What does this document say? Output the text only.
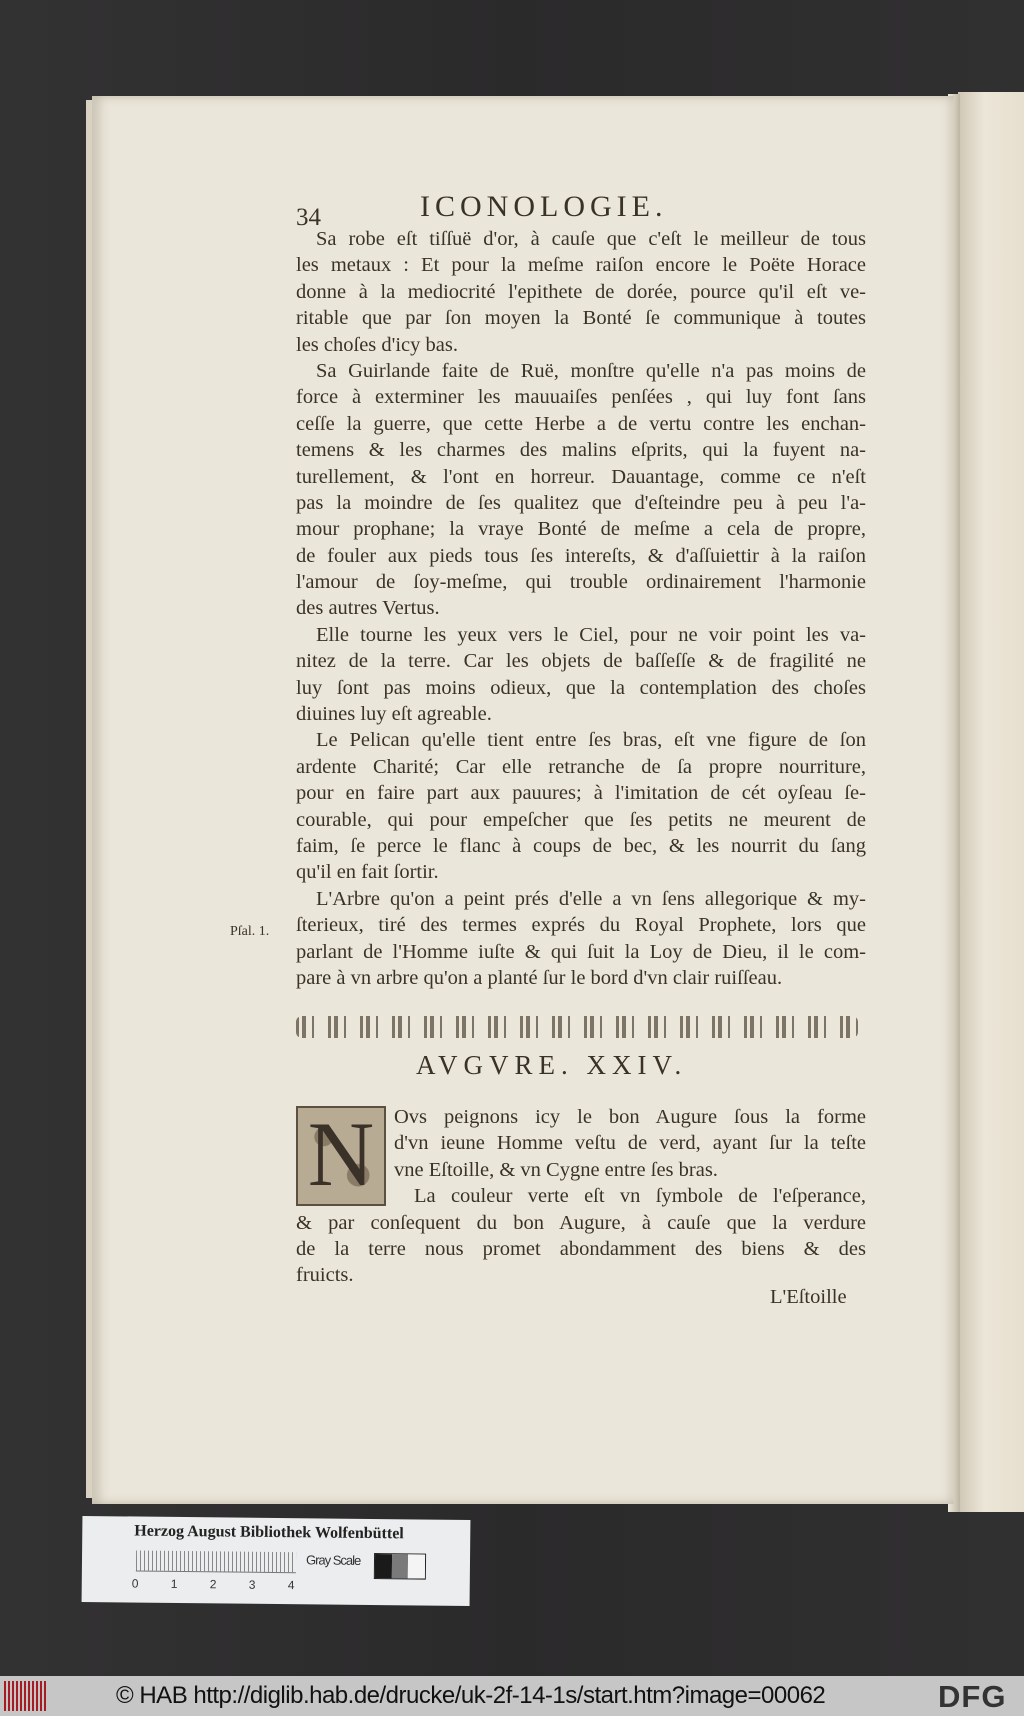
34	ICONOLOGIE.
Sa robe eſt tiſſuë d'or, à cauſe que c'eſt le meilleur de tous
les metaux : Et pour la meſme raiſon encore le Poëte Horace
donne à la mediocrité l'epithete de dorée, pource qu'il eſt ve-
ritable que par ſon moyen la Bonté ſe communique à toutes
les choſes d'icy bas.
Sa Guirlande faite de Ruë, monſtre qu'elle n'a pas moins de
force à exterminer les mauuaiſes penſées , qui luy font ſans
ceſſe la guerre, que cette Herbe a de vertu contre les enchan-
temens & les charmes des malins eſprits, qui la fuyent na-
turellement, & l'ont en horreur. Dauantage, comme ce n'eſt
pas la moindre de ſes qualitez que d'eſteindre peu à peu l'a-
mour prophane; la vraye Bonté de meſme a cela de propre,
de fouler aux pieds tous ſes intereſts, & d'aſſuiettir à la raiſon
l'amour de ſoy-meſme, qui trouble ordinairement l'harmonie
des autres Vertus.
Elle tourne les yeux vers le Ciel, pour ne voir point les va-
nitez de la terre. Car les objets de baſſeſſe & de fragilité ne
luy ſont pas moins odieux, que la contemplation des choſes
diuines luy eſt agreable.
Le Pelican qu'elle tient entre ſes bras, eſt vne figure de ſon
ardente Charité; Car elle retranche de ſa propre nourriture,
pour en faire part aux pauures; à l'imitation de cét oyſeau ſe-
courable, qui pour empeſcher que ſes petits ne meurent de
faim, ſe perce le flanc à coups de bec, & les nourrit du ſang
qu'il en fait ſortir.
L'Arbre qu'on a peint prés d'elle a vn ſens allegorique & my-
ſterieux, tiré des termes exprés du Royal Prophete, lors que
parlant de l'Homme iuſte & qui ſuit la Loy de Dieu, il le com-
pare à vn arbre qu'on a planté ſur le bord d'vn clair ruiſſeau.
Pſal. 1.
AVGVRE. XXIV.
N Ovs peignons icy le bon Augure ſous la forme
d'vn ieune Homme veſtu de verd, ayant ſur la teſte
vne Eſtoille, & vn Cygne entre ſes bras.
La couleur verte eſt vn ſymbole de l'eſperance,
& par conſequent du bon Augure, à cauſe que la verdure
de la terre nous promet abondamment des biens & des
fruicts.
L'Eſtoille
Herzog August Bibliothek Wolfenbüttel
0	1	2	3	4
Gray Scale
© HAB http://diglib.hab.de/drucke/uk-2f-14-1s/start.htm?image=00062	DFG
